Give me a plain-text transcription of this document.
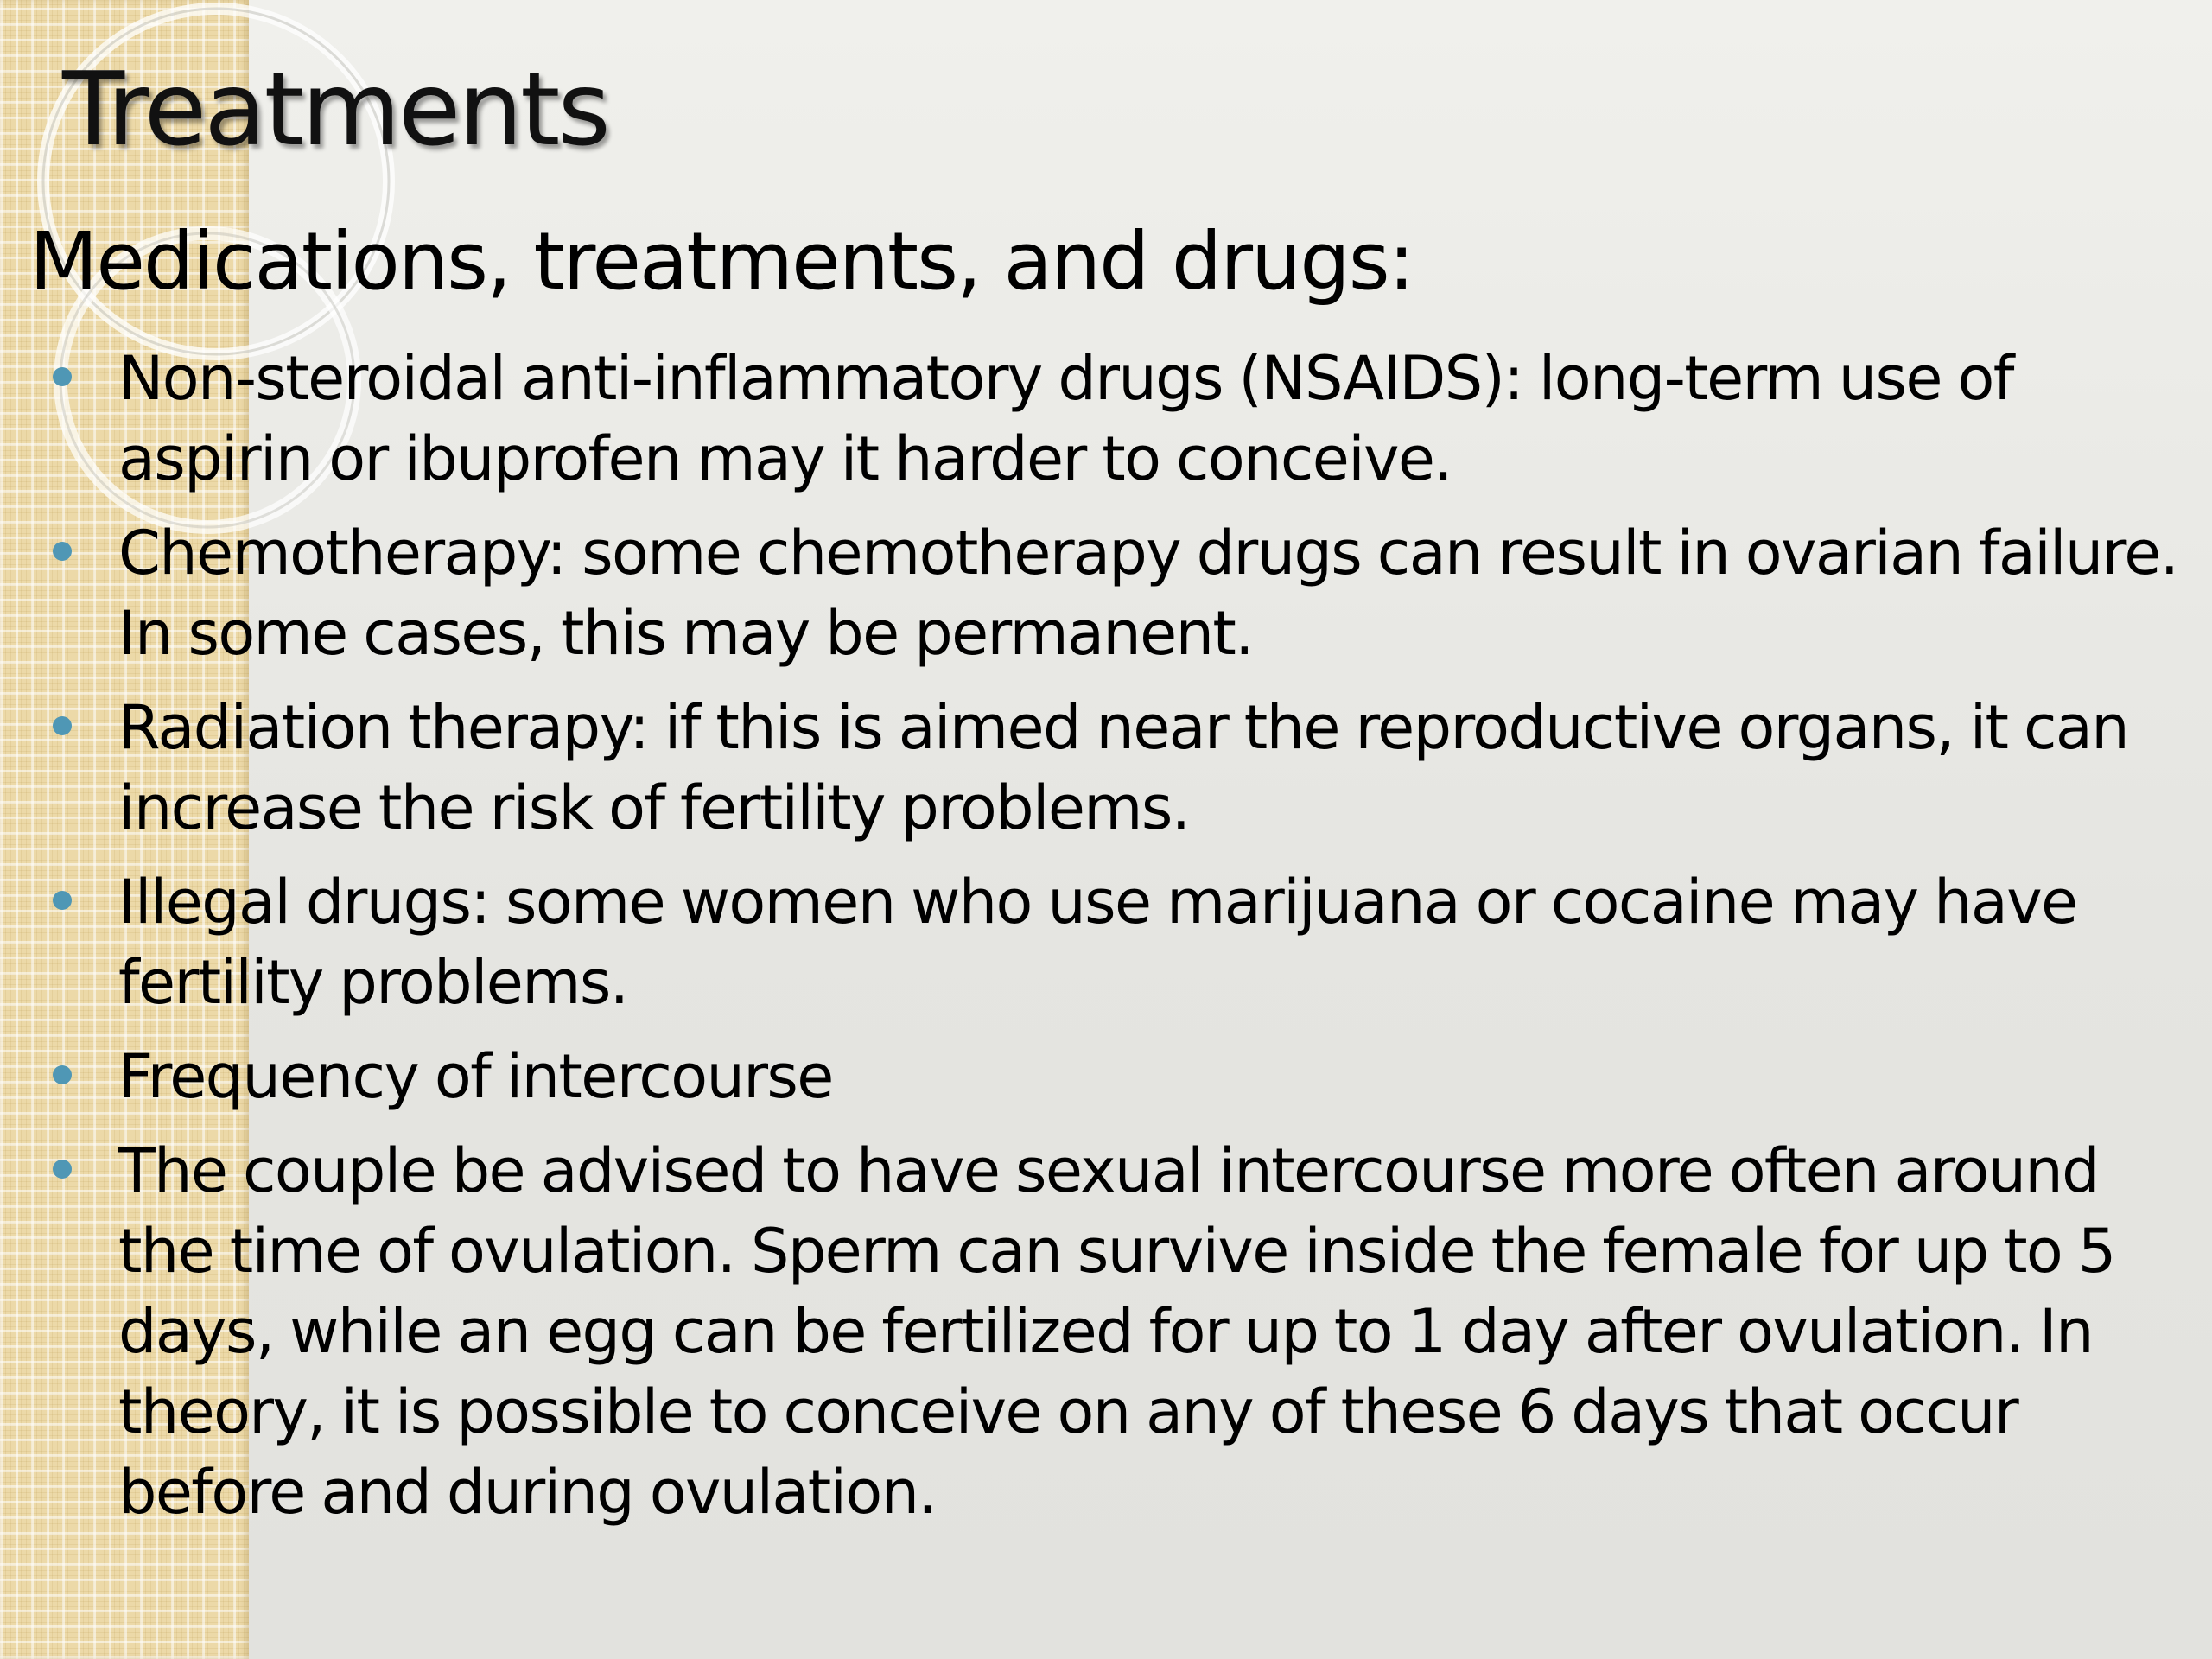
Treatments
Medications, treatments, and drugs:
Non-steroidal anti-inflammatory drugs (NSAIDS): long-term use of aspirin or ibuprofen may it harder to conceive.
Chemotherapy: some chemotherapy drugs can result in ovarian failure. In some cases, this may be permanent.
Radiation therapy: if this is aimed near the reproductive organs, it can increase the risk of fertility problems.
Illegal drugs: some women who use marijuana or cocaine may have fertility problems.
Frequency of intercourse
The couple be advised to have sexual intercourse more often around the time of ovulation. Sperm can survive inside the female for up to 5 days, while an egg can be fertilized for up to 1 day after ovulation. In theory, it is possible to conceive on any of these 6 days that occur before and during ovulation.
